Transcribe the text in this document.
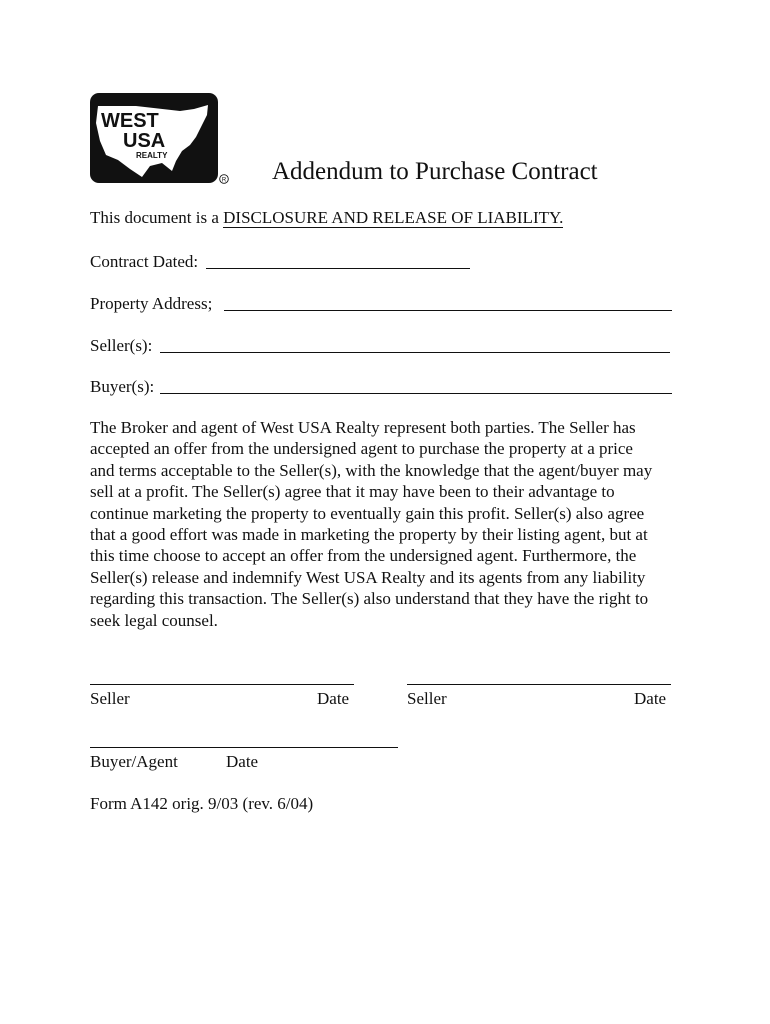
WEST
USA
REALTY
R Addendum to Purchase Contract
This document is a DISCLOSURE AND RELEASE OF LIABILITY.
Contract Dated:
Property Address;
Seller(s):
Buyer(s):
The Broker and agent of West USA Realty represent both parties. The Seller has
accepted an offer from the undersigned agent to purchase the property at a price
and terms acceptable to the Seller(s), with the knowledge that the agent/buyer may
sell at a profit. The Seller(s) agree that it may have been to their advantage to
continue marketing the property to eventually gain this profit. Seller(s) also agree
that a good effort was made in marketing the property by their listing agent, but at
this time choose to accept an offer from the undersigned agent. Furthermore, the
Seller(s) release and indemnify West USA Realty and its agents from any liability
regarding this transaction. The Seller(s) also understand that they have the right to
seek legal counsel.
Seller	Date	Seller	Date
Buyer/Agent	Date
Form A142 orig. 9/03 (rev. 6/04)
